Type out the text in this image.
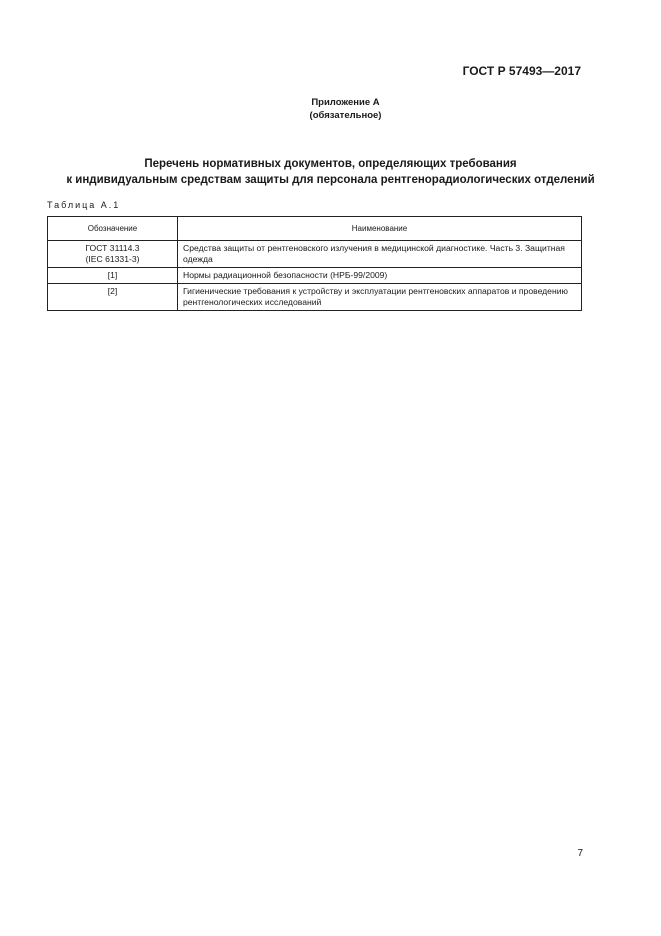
ГОСТ Р 57493—2017
Приложение А
(обязательное)
Перечень нормативных документов, определяющих требования
к индивидуальным средствам защиты для персонала рентгенорадиологических отделений
Таблица А.1
Обозначение	Наименование

ГОСТ 31114.3
(IEC 61331-3)	Средства защиты от рентгеновского излучения в медицинской диагностике. Часть 3. Защитная одежда

[1]	Нормы радиационной безопасности (НРБ-99/2009)

[2]	Гигиенические требования к устройству и эксплуатации рентгеновских аппаратов и проведению рентгенологических исследований
7
